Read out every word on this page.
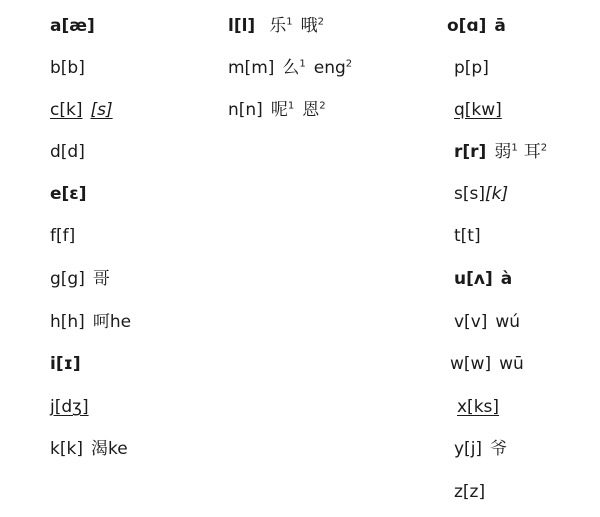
a[æ]
b[b]
c[k] [s]
d[d]
e[ɛ]
f[f]
g[g] 哥
h[h] 呵he
i[ɪ]
j[dʒ]
k[k] 渴ke
l[l] 乐$^1$ 哦$^2$
m[m] 么$^1$ eng$^2$
n[n] 呢$^1$ 恩$^2$
o[ɑ] ā
p[p]
q[kw]
r[r] 弱$^1$ 耳$^2$
s[s][k]
t[t]
u[ʌ] à
v[v] wú
w[w] wū
x[ks]
y[j] 爷
z[z]
